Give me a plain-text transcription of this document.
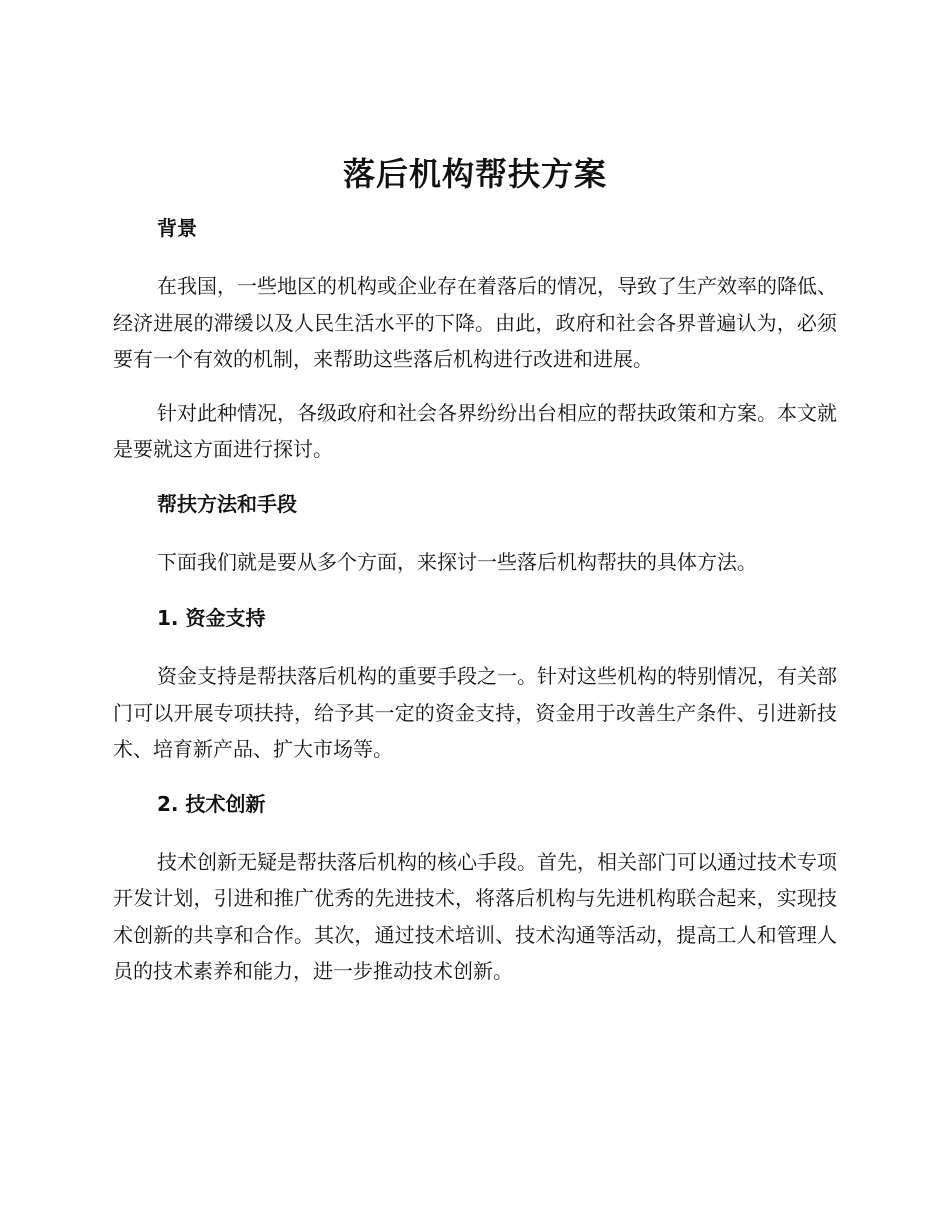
落后机构帮扶方案
背景

在我国，一些地区的机构或企业存在着落后的情况，导致了生产效率的降低、经济进展的滞缓以及人民生活水平的下降。由此，政府和社会各界普遍认为，必须要有一个有效的机制，来帮助这些落后机构进行改进和进展。

针对此种情况，各级政府和社会各界纷纷出台相应的帮扶政策和方案。本文就是要就这方面进行探讨。

帮扶方法和手段

下面我们就是要从多个方面，来探讨一些落后机构帮扶的具体方法。

1. 资金支持

资金支持是帮扶落后机构的重要手段之一。针对这些机构的特别情况，有关部门可以开展专项扶持，给予其一定的资金支持，资金用于改善生产条件、引进新技术、培育新产品、扩大市场等。

2. 技术创新

技术创新无疑是帮扶落后机构的核心手段。首先，相关部门可以通过技术专项开发计划，引进和推广优秀的先进技术，将落后机构与先进机构联合起来，实现技术创新的共享和合作。其次，通过技术培训、技术沟通等活动，提高工人和管理人员的技术素养和能力，进一步推动技术创新。
